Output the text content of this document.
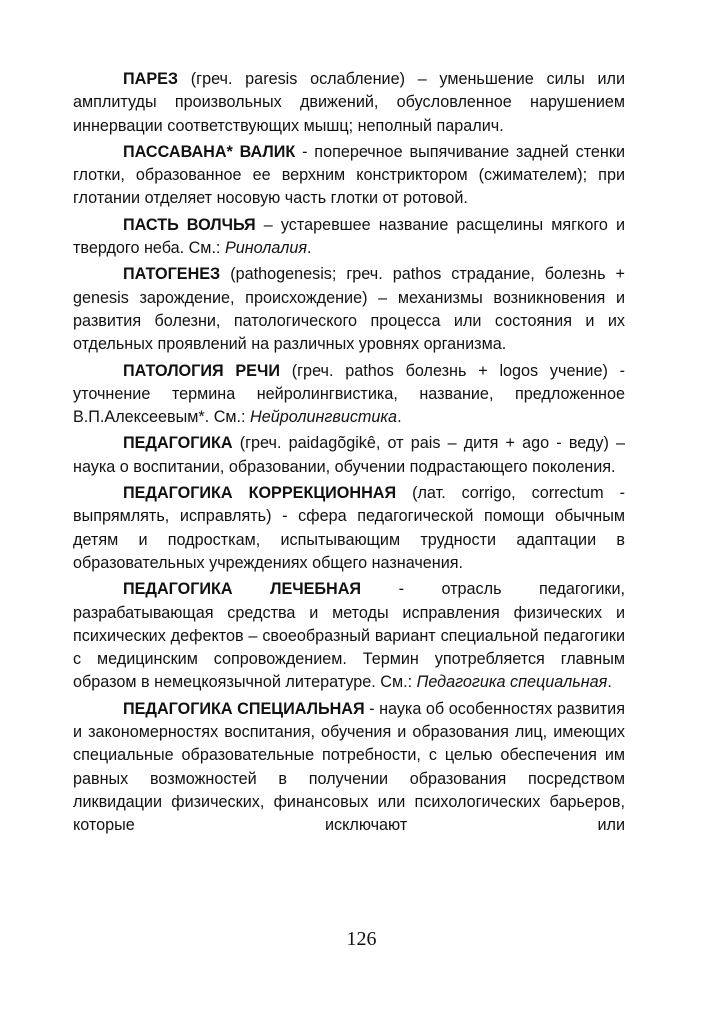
ПАРЕЗ (греч. paresis ослабление) – уменьшение силы или амплитуды произвольных движений, обусловленное нарушением иннервации соответствующих мышц; неполный паралич.

ПАССАВАНА* ВАЛИК - поперечное выпячивание задней стенки глотки, образованное ее верхним констриктором (сжимателем); при глотании отделяет носовую часть глотки от ротовой.

ПАСТЬ ВОЛЧЬЯ – устаревшее название расщелины мягкого и твердого неба. См.: Ринолалия.

ПАТОГЕНЕЗ (pathogenesis; греч. pathos страдание, болезнь + genesis зарождение, происхождение) – механизмы возникновения и развития болезни, патологического процесса или состояния и их отдельных проявлений на различных уровнях организма.

ПАТОЛОГИЯ РЕЧИ (греч. pathos болезнь + logos учение) - уточнение термина нейролингвистика, название, предложенное В.П.Алексеевым*. См.: Нейролингвистика.

ПЕДАГОГИКА (греч. paidagõgikê, от pais – дитя + ago - веду) – наука о воспитании, образовании, обучении подрастающего поколения.

ПЕДАГОГИКА КОРРЕКЦИОННАЯ (лат. corrigo, correctum - выпрямлять, исправлять) - сфера педагогической помощи обычным детям и подросткам, испытывающим трудности адаптации в образовательных учреждениях общего назначения.

ПЕДАГОГИКА ЛЕЧЕБНАЯ - отрасль педагогики, разрабатывающая средства и методы исправления физических и психических дефектов – своеобразный вариант специальной педагогики с медицинским сопровождением. Термин употребляется главным образом в немецкоязычной литературе. См.: Педагогика специальная.

ПЕДАГОГИКА СПЕЦИАЛЬНАЯ - наука об особенностях развития и закономерностях воспитания, обучения и образования лиц, имеющих специальные образовательные потребности, с целью обеспечения им равных возможностей в получении образования посредством ликвидации физических, финансовых или психологических барьеров, которые исключают или

126
